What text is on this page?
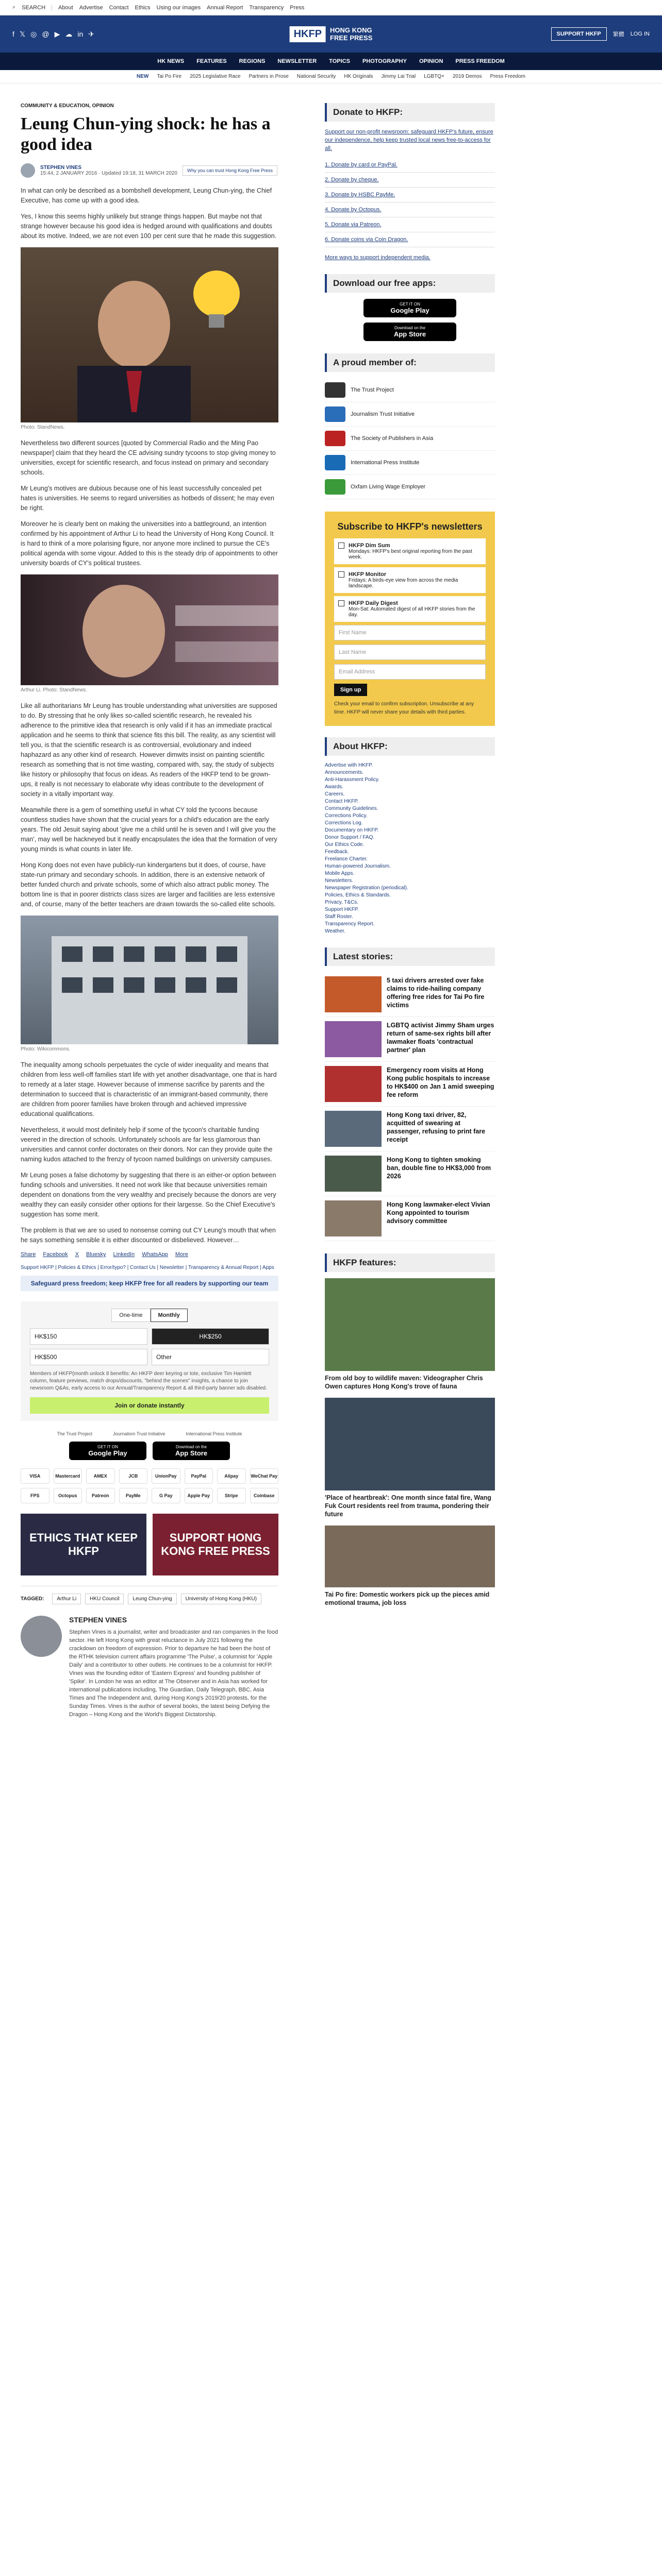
⌕ SEARCH About Advertise Contact Ethics Using our images Annual Report Transparency Press
f 𝕏 ◎ @ ▶ ☁ in ✈	HKFP	HONG KONG
FREE PRESS	SUPPORT HKFP	繁體 LOG IN
HK NEWS FEATURES REGIONS NEWSLETTER TOPICS PHOTOGRAPHY OPINION PRESS FREEDOM
NEW Tai Po Fire 2025 Legislative Race Partners in Prose National Security HK Originals Jimmy Lai Trial LGBTQ+ 2019 Demos Press Freedom
COMMUNITY & EDUCATION, OPINION
Leung Chun-ying shock: he has a good idea
STEPHEN VINES
15:44, 2 JANUARY 2016 · Updated 19:18, 31 MARCH 2020	Why you can trust Hong Kong Free Press

In what can only be described as a bombshell development, Leung Chun-ying, the Chief Executive, has come up with a good idea.

Yes, I know this seems highly unlikely but strange things happen. But maybe not that strange however because his good idea is hedged around with qualifications and doubts about its motive. Indeed, we are not even 100 per cent sure that he made this suggestion.

Photo: StandNews.

Nevertheless two different sources [quoted by Commercial Radio and the Ming Pao newspaper] claim that they heard the CE advising sundry tycoons to stop giving money to universities, except for scientific research, and focus instead on primary and secondary schools.

Mr Leung's motives are dubious because one of his least successfully concealed pet hates is universities. He seems to regard universities as hotbeds of dissent; he may even be right.

Moreover he is clearly bent on making the universities into a battleground, an intention confirmed by his appointment of Arthur Li to head the University of Hong Kong Council. It is hard to think of a more polarising figure, nor anyone more inclined to pursue the CE's political agenda with some vigour. Added to this is the steady drip of appointments to other university boards of CY's political trustees.

Arthur Li. Photo: StandNews.

Like all authoritarians Mr Leung has trouble understanding what universities are supposed to do. By stressing that he only likes so-called scientific research, he revealed his adherence to the primitive idea that research is only valid if it has an immediate practical application and he seems to think that science fits this bill. The reality, as any scientist will tell you, is that the scientific research is as controversial, evolutionary and indeed haphazard as any other kind of research. However dimwits insist on painting scientific research as something that is not time wasting, compared with, say, the study of subjects like history or philosophy that focus on ideas. As readers of the HKFP tend to be grown-ups, it really is not necessary to elaborate why ideas contribute to the development of society in a vitally important way.

Meanwhile there is a gem of something useful in what CY told the tycoons because countless studies have shown that the crucial years for a child's education are the early years. The old Jesuit saying about 'give me a child until he is seven and I will give you the man', may well be hackneyed but it neatly encapsulates the idea that the formation of very young minds is what counts in later life.

Hong Kong does not even have publicly-run kindergartens but it does, of course, have state-run primary and secondary schools. In addition, there is an extensive network of better funded church and private schools, some of which also attract public money. The bottom line is that in poorer districts class sizes are larger and facilities are less extensive and, of course, many of the better teachers are drawn towards the so-called elite schools.

Photo: Wikicommons.

The inequality among schools perpetuates the cycle of wider inequality and means that children from less well-off families start life with yet another disadvantage, one that is hard to remedy at a later stage. However because of immense sacrifice by parents and the determination to succeed that is characteristic of an immigrant-based community, there are children from poorer families have broken through and achieved impressive educational qualifications.

Nevertheless, it would most definitely help if some of the tycoon's charitable funding veered in the direction of schools. Unfortunately schools are far less glamorous than universities and cannot confer doctorates on their donors. Nor can they provide quite the naming kudos attached to the frenzy of tycoon named buildings on university campuses.

Mr Leung poses a false dichotomy by suggesting that there is an either-or option between funding schools and universities. It need not work like that because universities remain dependent on donations from the very wealthy and precisely because the donors are very wealthy they can easily consider other options for their largesse. So the Chief Executive's suggestion has some merit.

The problem is that we are so used to nonsense coming out CY Leung's mouth that when he says something sensible it is either discounted or disbelieved. However…

Share Facebook X Bluesky LinkedIn WhatsApp More
Support HKFP | Policies & Ethics | Error/typo? | Contact Us | Newsletter | Transparency & Annual Report | Apps
Safeguard press freedom; keep HKFP free for all readers by supporting our team
One-time	Monthly
HK$150	HK$250
HK$500	Other
Members of HKFP(month unlock 8 benefits: An HKFP deer keyring or tote, exclusive Tim Hamlett column, feature previews, match drops/discounts, "behind the scenes" insights, a chance to join newsroom Q&As, early access to our Annual/Transparency Report & all third-party banner ads disabled.
Join or donate instantly
The Trust Project	Journalism Trust Initiative	International Press Institute
GET IT ON
Google Play
Download on the
App Store
VISA	Mastercard	AMEX	JCB	UnionPay	PayPal	Alipay	WeChat Pay
FPS	Octopus	Patreon	PayMe	G Pay	Apple Pay	Stripe	Coinbase
ETHICS THAT KEEP HKFP
SUPPORT HONG KONG FREE PRESS
TAGGED:	Arthur Li	HKU Council	Leung Chun-ying	University of Hong Kong (HKU)
STEPHEN VINES

Stephen Vines is a journalist, writer and broadcaster and ran companies in the food sector. He left Hong Kong with great reluctance in July 2021 following the crackdown on freedom of expression. Prior to departure he had been the host of the RTHK television current affairs programme 'The Pulse', a columnist for 'Apple Daily' and a contributor to other outlets. He continues to be a columnist for HKFP. Vines was the founding editor of 'Eastern Express' and founding publisher of 'Spike'. In London he was an editor at The Observer and in Asia has worked for international publications including, The Guardian, Daily Telegraph, BBC, Asia Times and The Independent and, during Hong Kong's 2019/20 protests, for the Sunday Times. Vines is the author of several books, the latest being Defying the Dragon – Hong Kong and the World's Biggest Dictatorship.

Donate to HKFP:
Support our non-profit newsroom: safeguard HKFP's future, ensure our independence, help keep trusted local news free-to-access for all.
1. Donate by card or PayPal.
2. Donate by cheque.
3. Donate by HSBC PayMe.
4. Donate by Octopus.
5. Donate via Patreon.
6. Donate coins via Coin Dragon.
More ways to support independent media.
Download our free apps:
GET IT ON
Google Play
Download on the
App Store
A proud member of:
The Trust Project
Journalism Trust Initiative
The Society of Publishers in Asia
International Press Institute
Oxfam Living Wage Employer
Subscribe to HKFP's newsletters
HKFP Dim Sum
Mondays: HKFP's best original reporting from the past week.
HKFP Monitor
Fridays: A birds-eye view from across the media landscape.
HKFP Daily Digest
Mon-Sat: Automated digest of all HKFP stories from the day.
First Name
Last Name
Email Address
Sign up
Check your email to confirm subscription. Unsubscribe at any time. HKFP will never share your details with third parties.
About HKFP:
Advertise with HKFP.
Announcements.
Anti-Harassment Policy.
Awards.
Careers.
Contact HKFP.
Community Guidelines.
Corrections Policy.
Corrections Log.
Documentary on HKFP.
Donor Support / FAQ.
Our Ethics Code.
Feedback.
Freelance Charter.
Human-powered Journalism.
Mobile Apps.
Newsletters.
Newspaper Registration (periodical).
Policies, Ethics & Standards.
Privacy, T&Cs.
Support HKFP.
Staff Roster.
Transparency Report.
Weather.
Latest stories:
5 taxi drivers arrested over fake claims to ride-hailing company offering free rides for Tai Po fire victims
LGBTQ activist Jimmy Sham urges return of same-sex rights bill after lawmaker floats 'contractual partner' plan
Emergency room visits at Hong Kong public hospitals to increase to HK$400 on Jan 1 amid sweeping fee reform
Hong Kong taxi driver, 82, acquitted of swearing at passenger, refusing to print fare receipt
Hong Kong to tighten smoking ban, double fine to HK$3,000 from 2026
Hong Kong lawmaker-elect Vivian Kong appointed to tourism advisory committee
HKFP features:
From old boy to wildlife maven: Videographer Chris Owen captures Hong Kong's trove of fauna
'Place of heartbreak': One month since fatal fire, Wang Fuk Court residents reel from trauma, pondering their future
Tai Po fire: Domestic workers pick up the pieces amid emotional trauma, job loss
